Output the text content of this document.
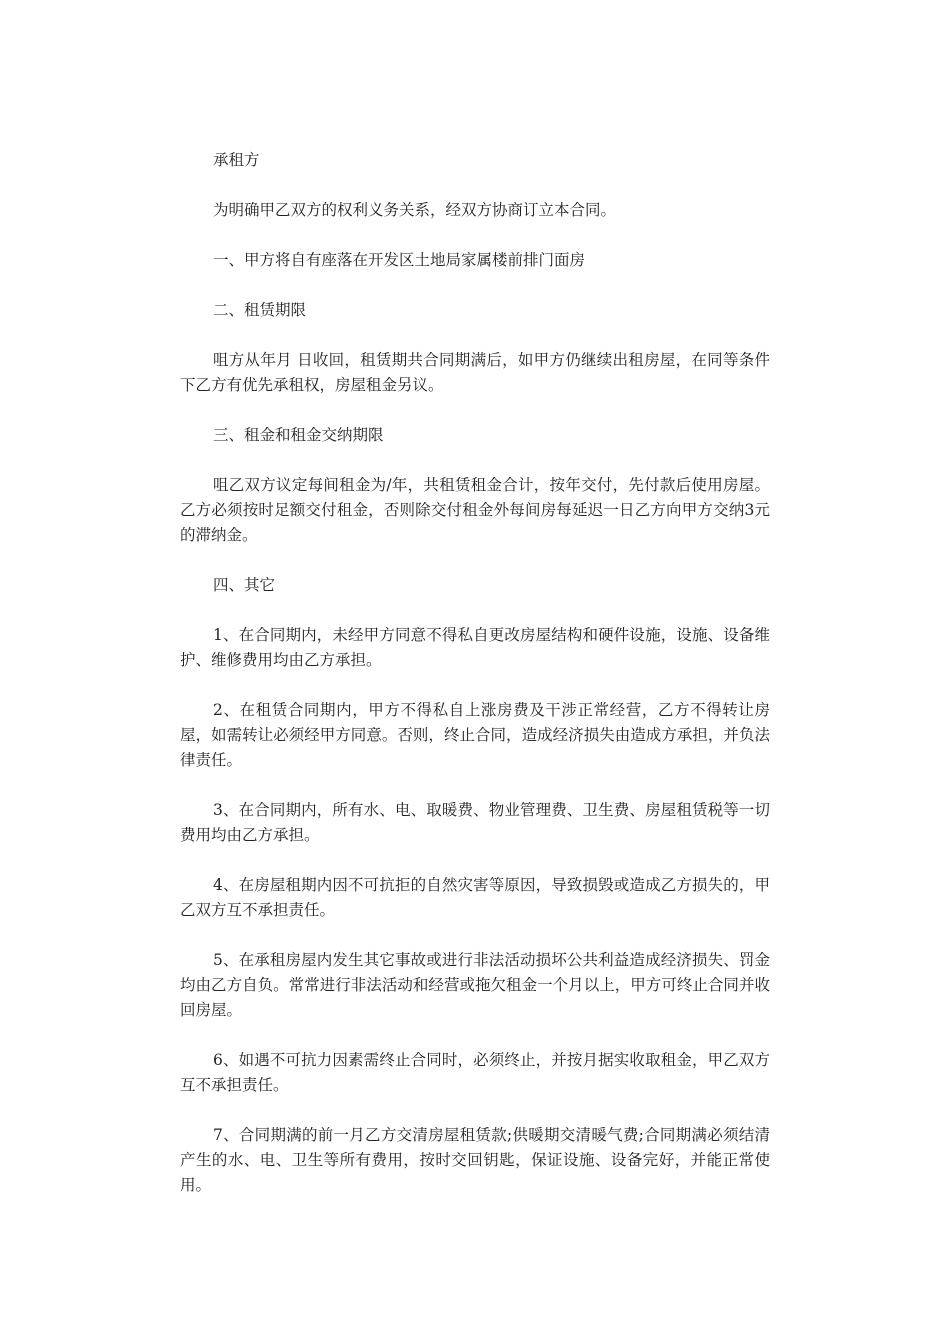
承租方

为明确甲乙双方的权利义务关系，经双方协商订立本合同。

一、甲方将自有座落在开发区土地局家属楼前排门面房

二、租赁期限

咀方从年月 日收回，租赁期共合同期满后，如甲方仍继续出租房屋，在同等条件下乙方有优先承租权，房屋租金另议。

三、租金和租金交纳期限

咀乙双方议定每间租金为/年，共租赁租金合计，按年交付，先付款后使用房屋。乙方必须按时足额交付租金，否则除交付租金外每间房每延迟一日乙方向甲方交纳3元的滞纳金。

四、其它

1、在合同期内，未经甲方同意不得私自更改房屋结构和硬件设施，设施、设备维护、维修费用均由乙方承担。

2、在租赁合同期内，甲方不得私自上涨房费及干涉正常经营，乙方不得转让房屋，如需转让必须经甲方同意。否则，终止合同，造成经济损失由造成方承担，并负法律责任。

3、在合同期内，所有水、电、取暖费、物业管理费、卫生费、房屋租赁税等一切费用均由乙方承担。

4、在房屋租期内因不可抗拒的自然灾害等原因，导致损毁或造成乙方损失的，甲乙双方互不承担责任。

5、在承租房屋内发生其它事故或进行非法活动损坏公共利益造成经济损失、罚金均由乙方自负。常常进行非法活动和经营或拖欠租金一个月以上，甲方可终止合同并收回房屋。

6、如遇不可抗力因素需终止合同时，必须终止，并按月据实收取租金，甲乙双方互不承担责任。

7、合同期满的前一月乙方交清房屋租赁款;供暖期交清暖气费;合同期满必须结清产生的水、电、卫生等所有费用，按时交回钥匙，保证设施、设备完好，并能正常使用。
